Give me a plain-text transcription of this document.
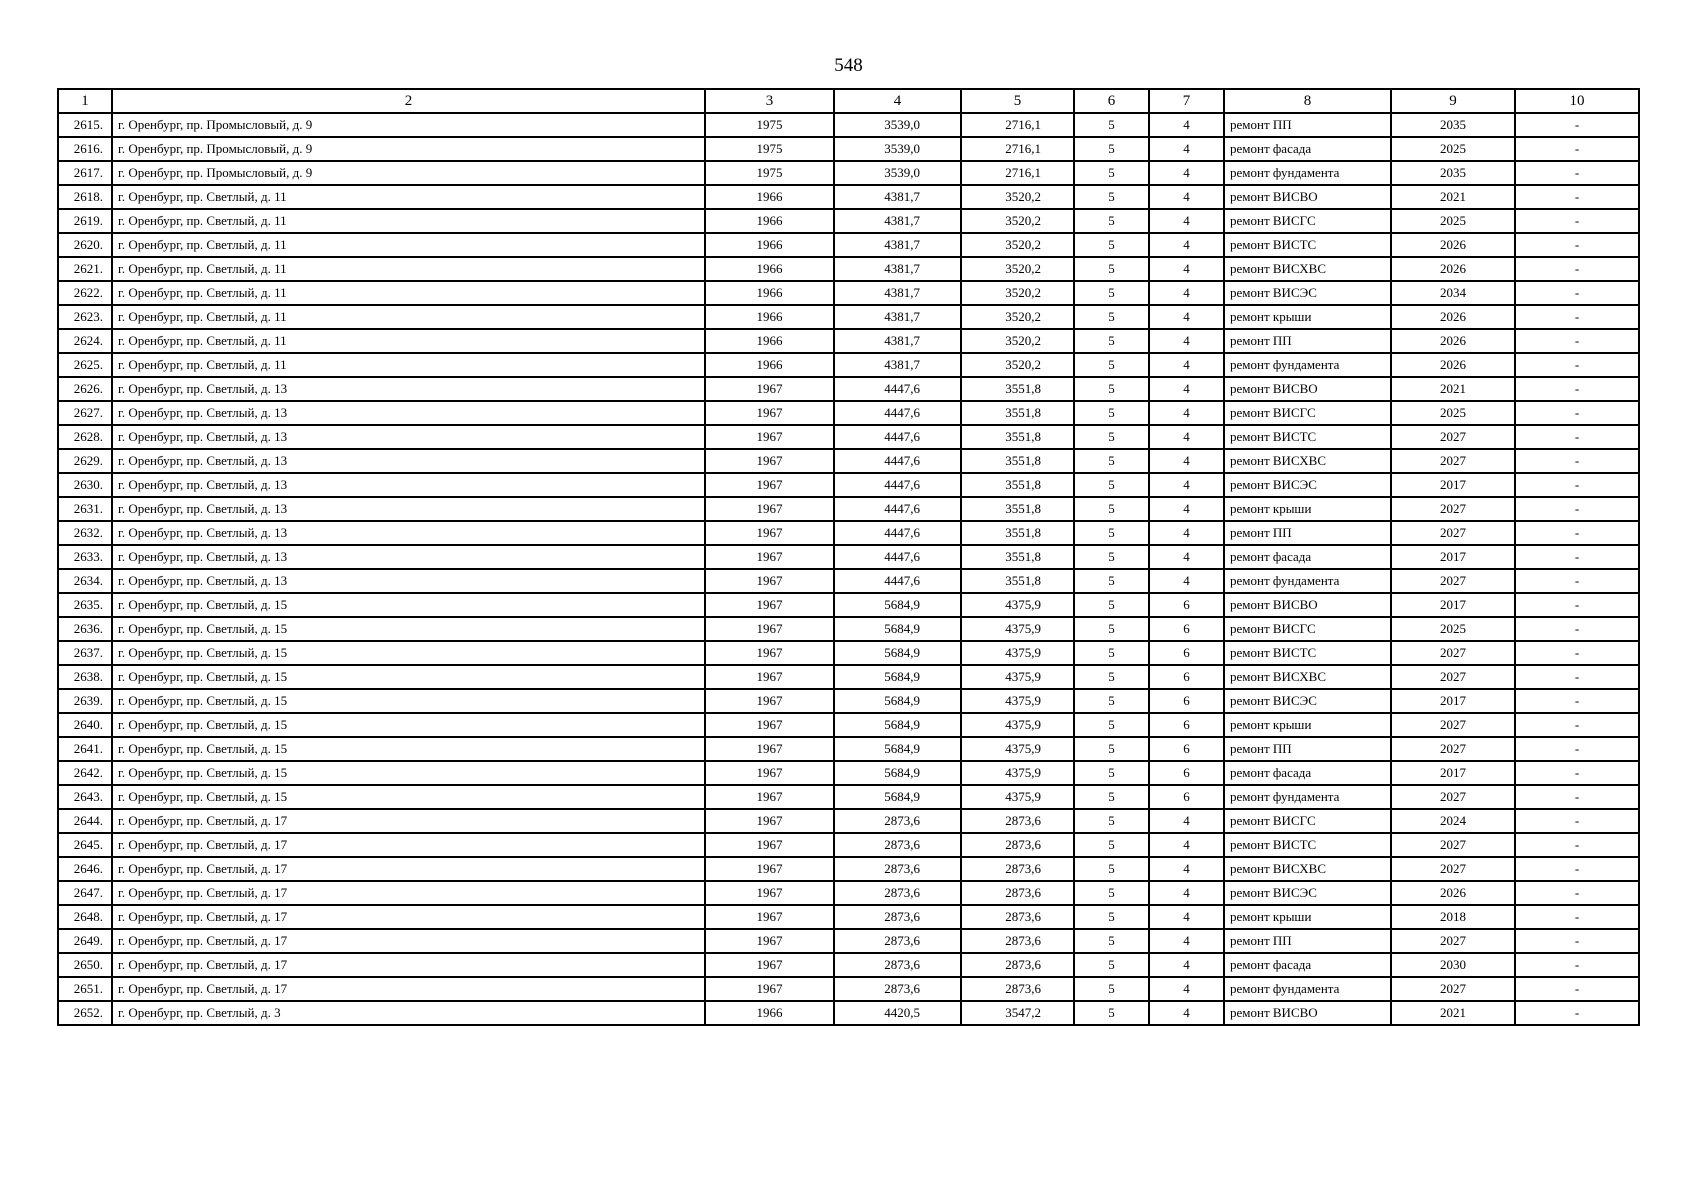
548
1	2	3	4	5	6	7	8	9	10
2615.	г. Оренбург, пр. Промысловый, д. 9	1975	3539,0	2716,1	5	4	ремонт ПП	2035	-
2616.	г. Оренбург, пр. Промысловый, д. 9	1975	3539,0	2716,1	5	4	ремонт фасада	2025	-
2617.	г. Оренбург, пр. Промысловый, д. 9	1975	3539,0	2716,1	5	4	ремонт фундамента	2035	-
2618.	г. Оренбург, пр. Светлый, д. 11	1966	4381,7	3520,2	5	4	ремонт ВИСВО	2021	-
2619.	г. Оренбург, пр. Светлый, д. 11	1966	4381,7	3520,2	5	4	ремонт ВИСГС	2025	-
2620.	г. Оренбург, пр. Светлый, д. 11	1966	4381,7	3520,2	5	4	ремонт ВИСТС	2026	-
2621.	г. Оренбург, пр. Светлый, д. 11	1966	4381,7	3520,2	5	4	ремонт ВИСХВС	2026	-
2622.	г. Оренбург, пр. Светлый, д. 11	1966	4381,7	3520,2	5	4	ремонт ВИСЭС	2034	-
2623.	г. Оренбург, пр. Светлый, д. 11	1966	4381,7	3520,2	5	4	ремонт крыши	2026	-
2624.	г. Оренбург, пр. Светлый, д. 11	1966	4381,7	3520,2	5	4	ремонт ПП	2026	-
2625.	г. Оренбург, пр. Светлый, д. 11	1966	4381,7	3520,2	5	4	ремонт фундамента	2026	-
2626.	г. Оренбург, пр. Светлый, д. 13	1967	4447,6	3551,8	5	4	ремонт ВИСВО	2021	-
2627.	г. Оренбург, пр. Светлый, д. 13	1967	4447,6	3551,8	5	4	ремонт ВИСГС	2025	-
2628.	г. Оренбург, пр. Светлый, д. 13	1967	4447,6	3551,8	5	4	ремонт ВИСТС	2027	-
2629.	г. Оренбург, пр. Светлый, д. 13	1967	4447,6	3551,8	5	4	ремонт ВИСХВС	2027	-
2630.	г. Оренбург, пр. Светлый, д. 13	1967	4447,6	3551,8	5	4	ремонт ВИСЭС	2017	-
2631.	г. Оренбург, пр. Светлый, д. 13	1967	4447,6	3551,8	5	4	ремонт крыши	2027	-
2632.	г. Оренбург, пр. Светлый, д. 13	1967	4447,6	3551,8	5	4	ремонт ПП	2027	-
2633.	г. Оренбург, пр. Светлый, д. 13	1967	4447,6	3551,8	5	4	ремонт фасада	2017	-
2634.	г. Оренбург, пр. Светлый, д. 13	1967	4447,6	3551,8	5	4	ремонт фундамента	2027	-
2635.	г. Оренбург, пр. Светлый, д. 15	1967	5684,9	4375,9	5	6	ремонт ВИСВО	2017	-
2636.	г. Оренбург, пр. Светлый, д. 15	1967	5684,9	4375,9	5	6	ремонт ВИСГС	2025	-
2637.	г. Оренбург, пр. Светлый, д. 15	1967	5684,9	4375,9	5	6	ремонт ВИСТС	2027	-
2638.	г. Оренбург, пр. Светлый, д. 15	1967	5684,9	4375,9	5	6	ремонт ВИСХВС	2027	-
2639.	г. Оренбург, пр. Светлый, д. 15	1967	5684,9	4375,9	5	6	ремонт ВИСЭС	2017	-
2640.	г. Оренбург, пр. Светлый, д. 15	1967	5684,9	4375,9	5	6	ремонт крыши	2027	-
2641.	г. Оренбург, пр. Светлый, д. 15	1967	5684,9	4375,9	5	6	ремонт ПП	2027	-
2642.	г. Оренбург, пр. Светлый, д. 15	1967	5684,9	4375,9	5	6	ремонт фасада	2017	-
2643.	г. Оренбург, пр. Светлый, д. 15	1967	5684,9	4375,9	5	6	ремонт фундамента	2027	-
2644.	г. Оренбург, пр. Светлый, д. 17	1967	2873,6	2873,6	5	4	ремонт ВИСГС	2024	-
2645.	г. Оренбург, пр. Светлый, д. 17	1967	2873,6	2873,6	5	4	ремонт ВИСТС	2027	-
2646.	г. Оренбург, пр. Светлый, д. 17	1967	2873,6	2873,6	5	4	ремонт ВИСХВС	2027	-
2647.	г. Оренбург, пр. Светлый, д. 17	1967	2873,6	2873,6	5	4	ремонт ВИСЭС	2026	-
2648.	г. Оренбург, пр. Светлый, д. 17	1967	2873,6	2873,6	5	4	ремонт крыши	2018	-
2649.	г. Оренбург, пр. Светлый, д. 17	1967	2873,6	2873,6	5	4	ремонт ПП	2027	-
2650.	г. Оренбург, пр. Светлый, д. 17	1967	2873,6	2873,6	5	4	ремонт фасада	2030	-
2651.	г. Оренбург, пр. Светлый, д. 17	1967	2873,6	2873,6	5	4	ремонт фундамента	2027	-
2652.	г. Оренбург, пр. Светлый, д. 3	1966	4420,5	3547,2	5	4	ремонт ВИСВО	2021	-
